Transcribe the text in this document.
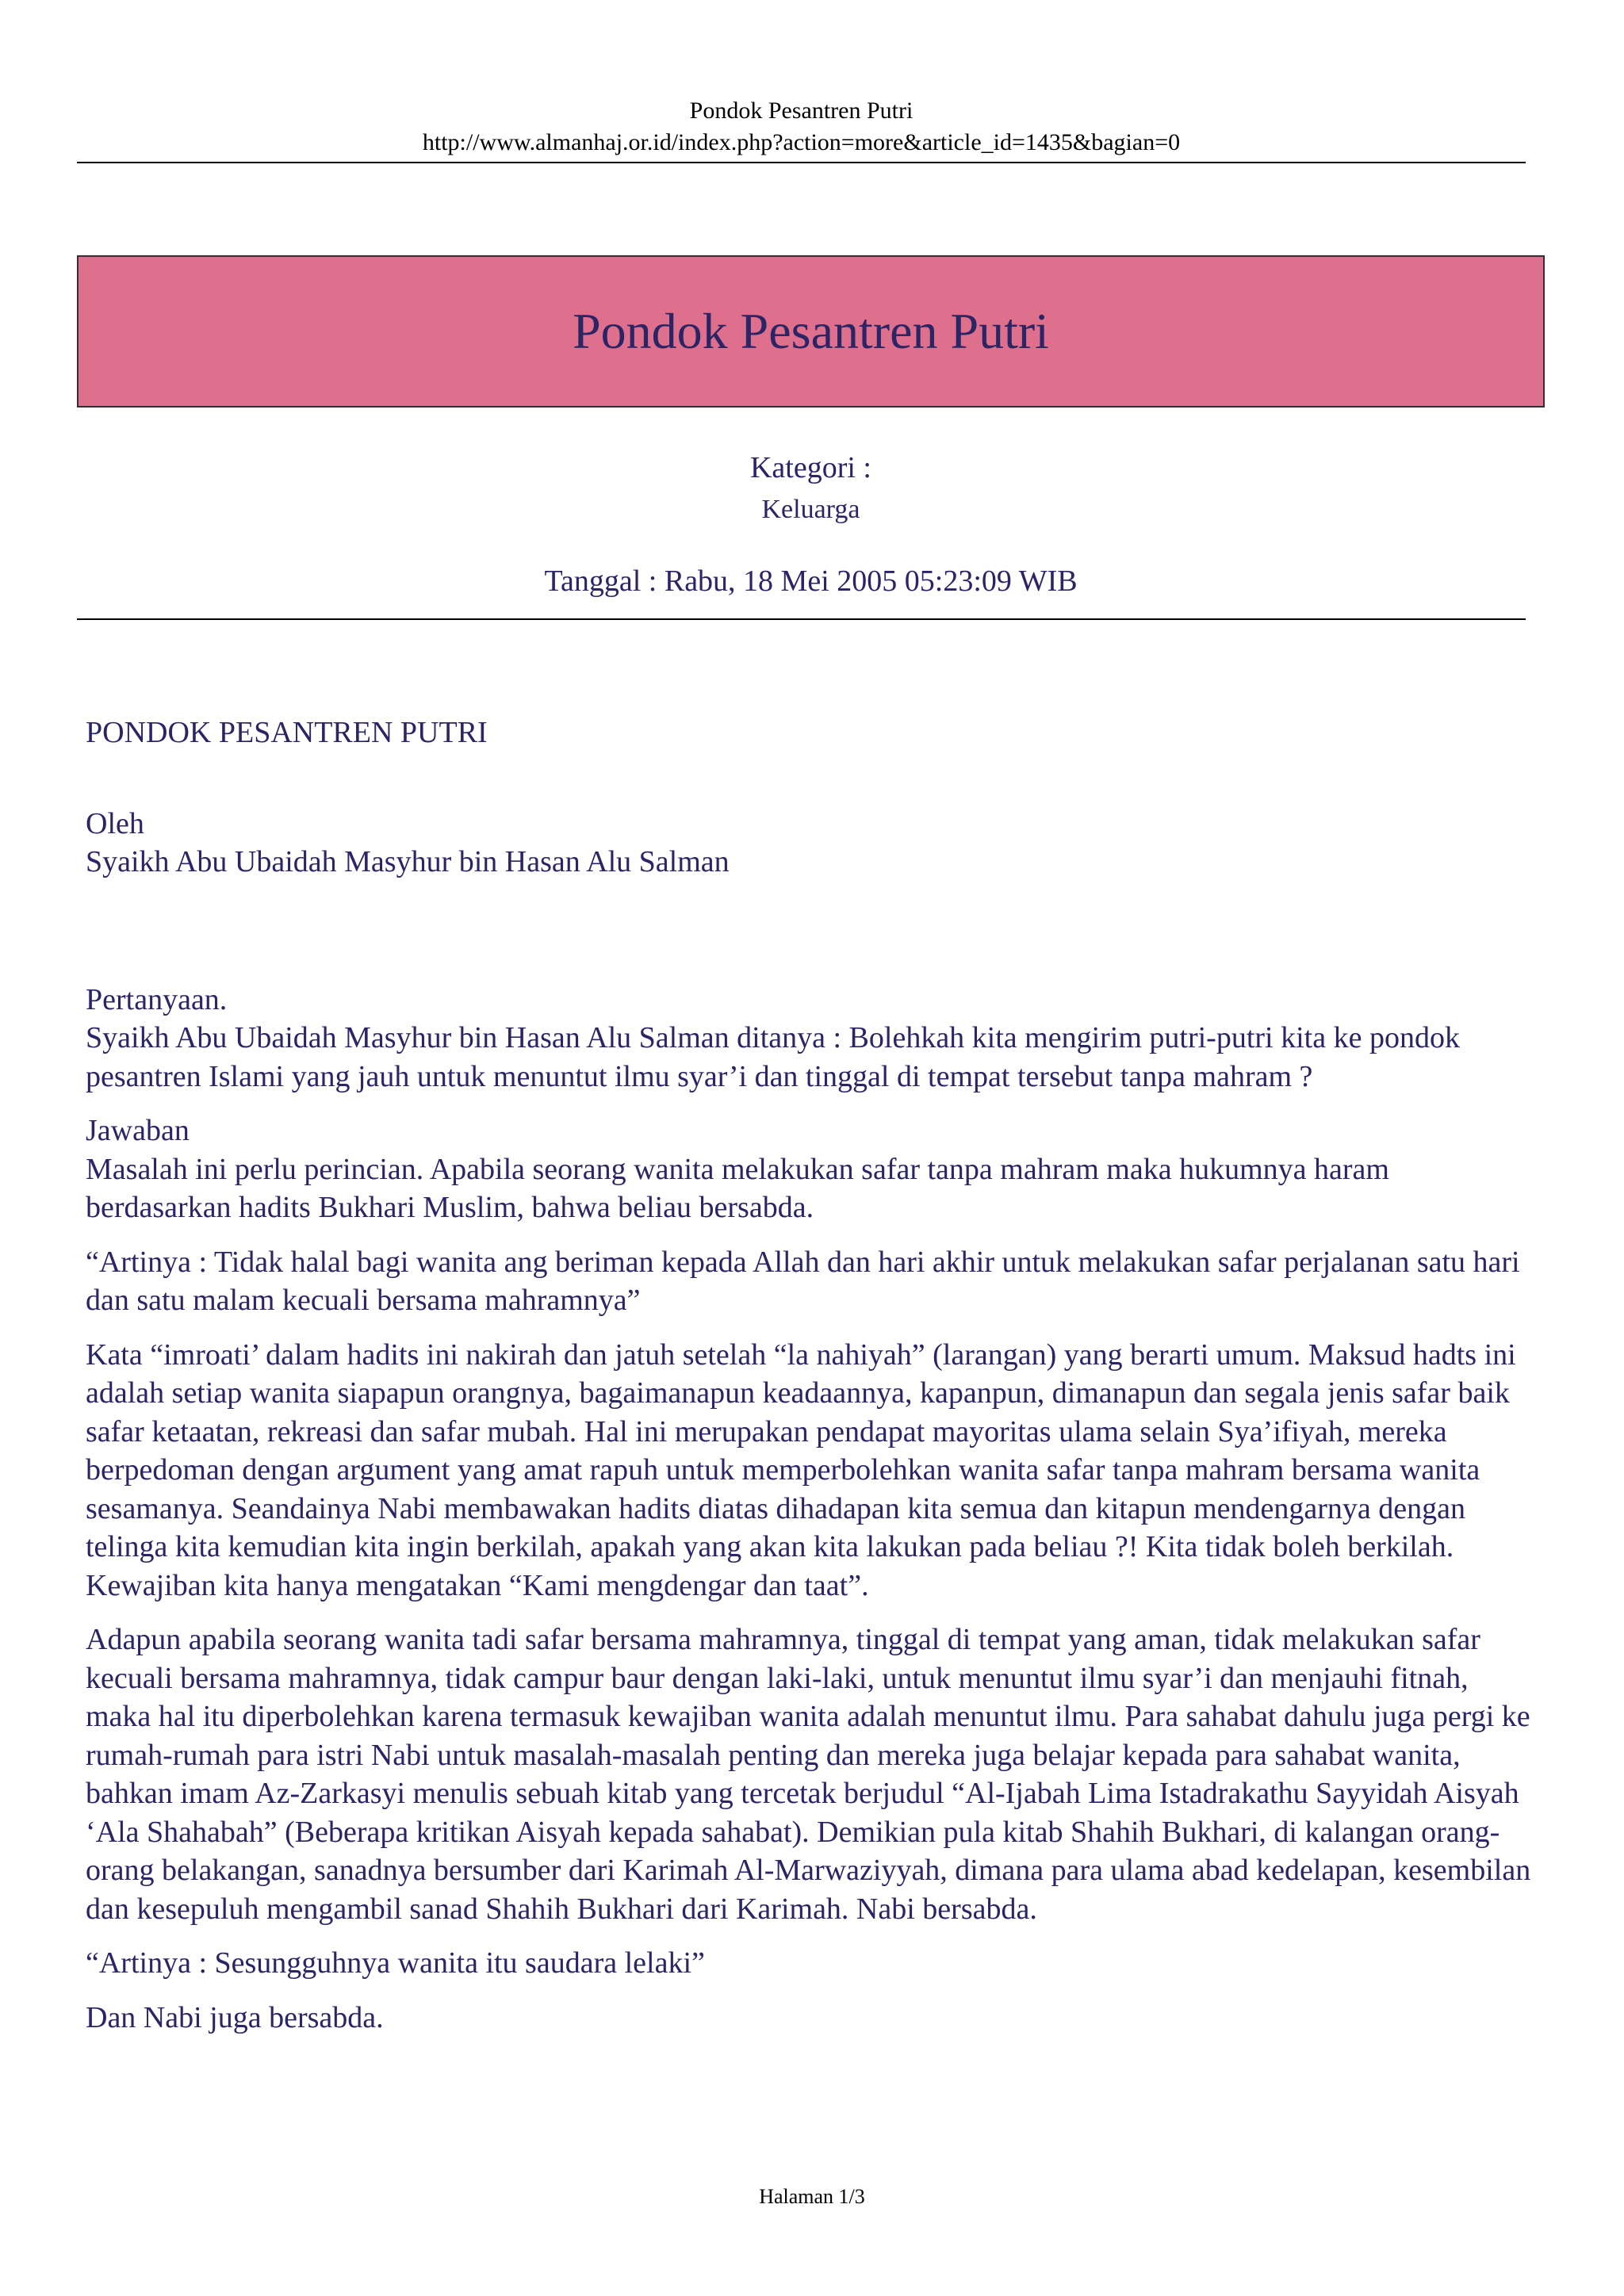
Pondok Pesantren Putri
http://www.almanhaj.or.id/index.php?action=more&article_id=1435&bagian=0
Pondok Pesantren Putri
Kategori :
Keluarga
Tanggal : Rabu, 18 Mei 2005 05:23:09 WIB

PONDOK PESANTREN PUTRI

Oleh

Syaikh Abu Ubaidah Masyhur bin Hasan Alu Salman

Pertanyaan.

Syaikh Abu Ubaidah Masyhur bin Hasan Alu Salman ditanya : Bolehkah kita mengirim putri-putri kita ke pondok pesantren Islami yang jauh untuk menuntut ilmu syar’i dan tinggal di tempat tersebut tanpa mahram ?

Jawaban

Masalah ini perlu perincian. Apabila seorang wanita melakukan safar tanpa mahram maka hukumnya haram berdasarkan hadits Bukhari Muslim, bahwa beliau bersabda.

“Artinya : Tidak halal bagi wanita ang beriman kepada Allah dan hari akhir untuk melakukan safar perjalanan satu hari dan satu malam kecuali bersama mahramnya”

Kata “imroati’ dalam hadits ini nakirah dan jatuh setelah “la nahiyah” (larangan) yang berarti umum. Maksud hadts ini adalah setiap wanita siapapun orangnya, bagaimanapun keadaannya, kapanpun, dimanapun dan segala jenis safar baik safar ketaatan, rekreasi dan safar mubah. Hal ini merupakan pendapat mayoritas ulama selain Sya’ifiyah, mereka berpedoman dengan argument yang amat rapuh untuk memperbolehkan wanita safar tanpa mahram bersama wanita sesamanya. Seandainya Nabi membawakan hadits diatas dihadapan kita semua dan kitapun mendengarnya dengan telinga kita kemudian kita ingin berkilah, apakah yang akan kita lakukan pada beliau ?! Kita tidak boleh berkilah. Kewajiban kita hanya mengatakan “Kami mengdengar dan taat”.

Adapun apabila seorang wanita tadi safar bersama mahramnya, tinggal di tempat yang aman, tidak melakukan safar kecuali bersama mahramnya, tidak campur baur dengan laki-laki, untuk menuntut ilmu syar’i dan menjauhi fitnah, maka hal itu diperbolehkan karena termasuk kewajiban wanita adalah menuntut ilmu. Para sahabat dahulu juga pergi ke rumah-rumah para istri Nabi untuk masalah-masalah penting dan mereka juga belajar kepada para sahabat wanita, bahkan imam Az-Zarkasyi menulis sebuah kitab yang tercetak berjudul “Al-Ijabah Lima Istadrakathu Sayyidah Aisyah ‘Ala Shahabah” (Beberapa kritikan Aisyah kepada sahabat). Demikian pula kitab Shahih Bukhari, di kalangan orang-orang belakangan, sanadnya bersumber dari Karimah Al-Marwaziyyah, dimana para ulama abad kedelapan, kesembilan dan kesepuluh mengambil sanad Shahih Bukhari dari Karimah. Nabi bersabda.

“Artinya : Sesungguhnya wanita itu saudara lelaki”

Dan Nabi juga bersabda.

Halaman 1/3
